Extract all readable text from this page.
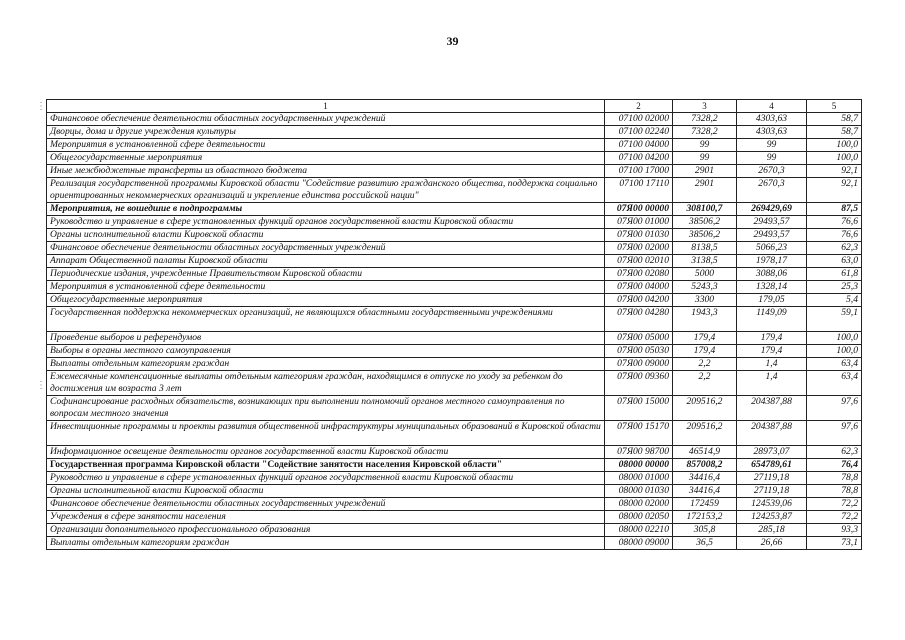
39
⋮
⋮
1	2	3	4	5
Финансовое обеспечение деятельности областных государственных учреждений	07100 02000	7328,2	4303,63	58,7
Дворцы, дома и другие учреждения культуры	07100 02240	7328,2	4303,63	58,7
Мероприятия в установленной сфере деятельности	07100 04000	99	99	100,0
Общегосударственные мероприятия	07100 04200	99	99	100,0
Иные межбюджетные трансферты из областного бюджета	07100 17000	2901	2670,3	92,1
Реализация государственной программы Кировской области "Содействие развитию гражданского общества, поддержка социально ориентированных некоммерческих организаций и укрепление единства российской нации"	07100 17110	2901	2670,3	92,1
Мероприятия, не вошедшие в подпрограммы	07Я00 00000	308100,7	269429,69	87,5
Руководство и управление в сфере установленных функций органов государственной власти Кировской области	07Я00 01000	38506,2	29493,57	76,6
Органы исполнительной власти Кировской области	07Я00 01030	38506,2	29493,57	76,6
Финансовое обеспечение деятельности областных государственных учреждений	07Я00 02000	8138,5	5066,23	62,3
Аппарат Общественной палаты Кировской области	07Я00 02010	3138,5	1978,17	63,0
Периодические издания, учрежденные Правительством Кировской области	07Я00 02080	5000	3088,06	61,8
Мероприятия в установленной сфере деятельности	07Я00 04000	5243,3	1328,14	25,3
Общегосударственные мероприятия	07Я00 04200	3300	179,05	5,4
Государственная поддержка некоммерческих организаций, не являющихся областными государственными учреждениями	07Я00 04280	1943,3	1149,09	59,1
Проведение выборов и референдумов	07Я00 05000	179,4	179,4	100,0
Выборы в органы местного самоуправления	07Я00 05030	179,4	179,4	100,0
Выплаты отдельным категориям граждан	07Я00 09000	2,2	1,4	63,4
Ежемесячные компенсационные выплаты отдельным категориям граждан, находящимся в отпуске по уходу за ребенком до достижения им возраста 3 лет	07Я00 09360	2,2	1,4	63,4
Софинансирование расходных обязательств, возникающих при выполнении полномочий органов местного самоуправления по вопросам местного значения	07Я00 15000	209516,2	204387,88	97,6
Инвестиционные программы и проекты развития общественной инфраструктуры муниципальных образований в Кировской области	07Я00 15170	209516,2	204387,88	97,6
Информационное освещение деятельности органов государственной власти Кировской области	07Я00 98700	46514,9	28973,07	62,3
Государственная программа Кировской области "Содействие занятости населения Кировской области"	08000 00000	857008,2	654789,61	76,4
Руководство и управление в сфере установленных функций органов государственной власти Кировской области	08000 01000	34416,4	27119,18	78,8
Органы исполнительной власти Кировской области	08000 01030	34416,4	27119,18	78,8
Финансовое обеспечение деятельности областных государственных учреждений	08000 02000	172459	124539,06	72,2
Учреждения в сфере занятости населения	08000 02050	172153,2	124253,87	72,2
Организации дополнительного профессионального образования	08000 02210	305,8	285,18	93,3
Выплаты отдельным категориям граждан	08000 09000	36,5	26,66	73,1
